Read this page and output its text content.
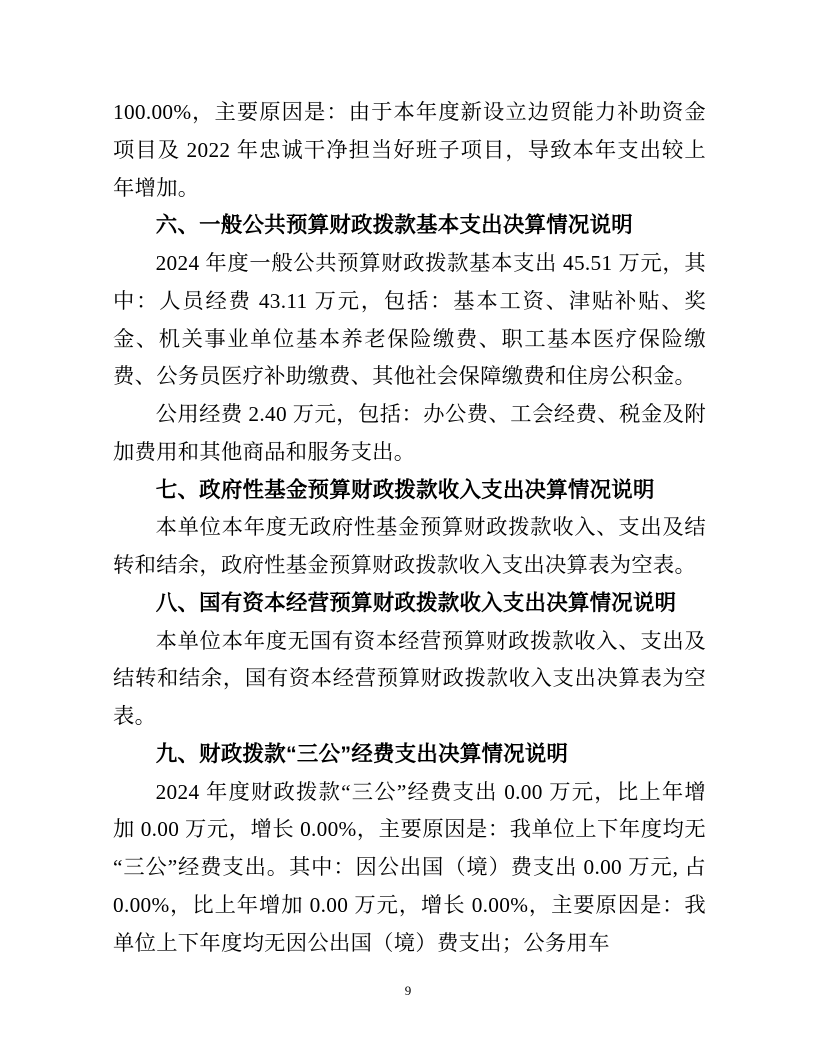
100.00%，主要原因是：由于本年度新设立边贸能力补助资金项目及 2022 年忠诚干净担当好班子项目，导致本年支出较上年增加。

六、一般公共预算财政拨款基本支出决算情况说明

2024 年度一般公共预算财政拨款基本支出 45.51 万元，其中：人员经费 43.11 万元，包括：基本工资、津贴补贴、奖金、机关事业单位基本养老保险缴费、职工基本医疗保险缴费、公务员医疗补助缴费、其他社会保障缴费和住房公积金。

公用经费 2.40 万元，包括：办公费、工会经费、税金及附加费用和其他商品和服务支出。

七、政府性基金预算财政拨款收入支出决算情况说明

本单位本年度无政府性基金预算财政拨款收入、支出及结转和结余，政府性基金预算财政拨款收入支出决算表为空表。

八、国有资本经营预算财政拨款收入支出决算情况说明

本单位本年度无国有资本经营预算财政拨款收入、支出及结转和结余，国有资本经营预算财政拨款收入支出决算表为空表。

九、财政拨款“三公”经费支出决算情况说明

2024 年度财政拨款“三公”经费支出 0.00 万元，比上年增加 0.00 万元，增长 0.00%，主要原因是：我单位上下年度均无“三公”经费支出。其中：因公出国（境）费支出 0.00 万元, 占 0.00%，比上年增加 0.00 万元，增长 0.00%，主要原因是：我单位上下年度均无因公出国（境）费支出；公务用车

9
